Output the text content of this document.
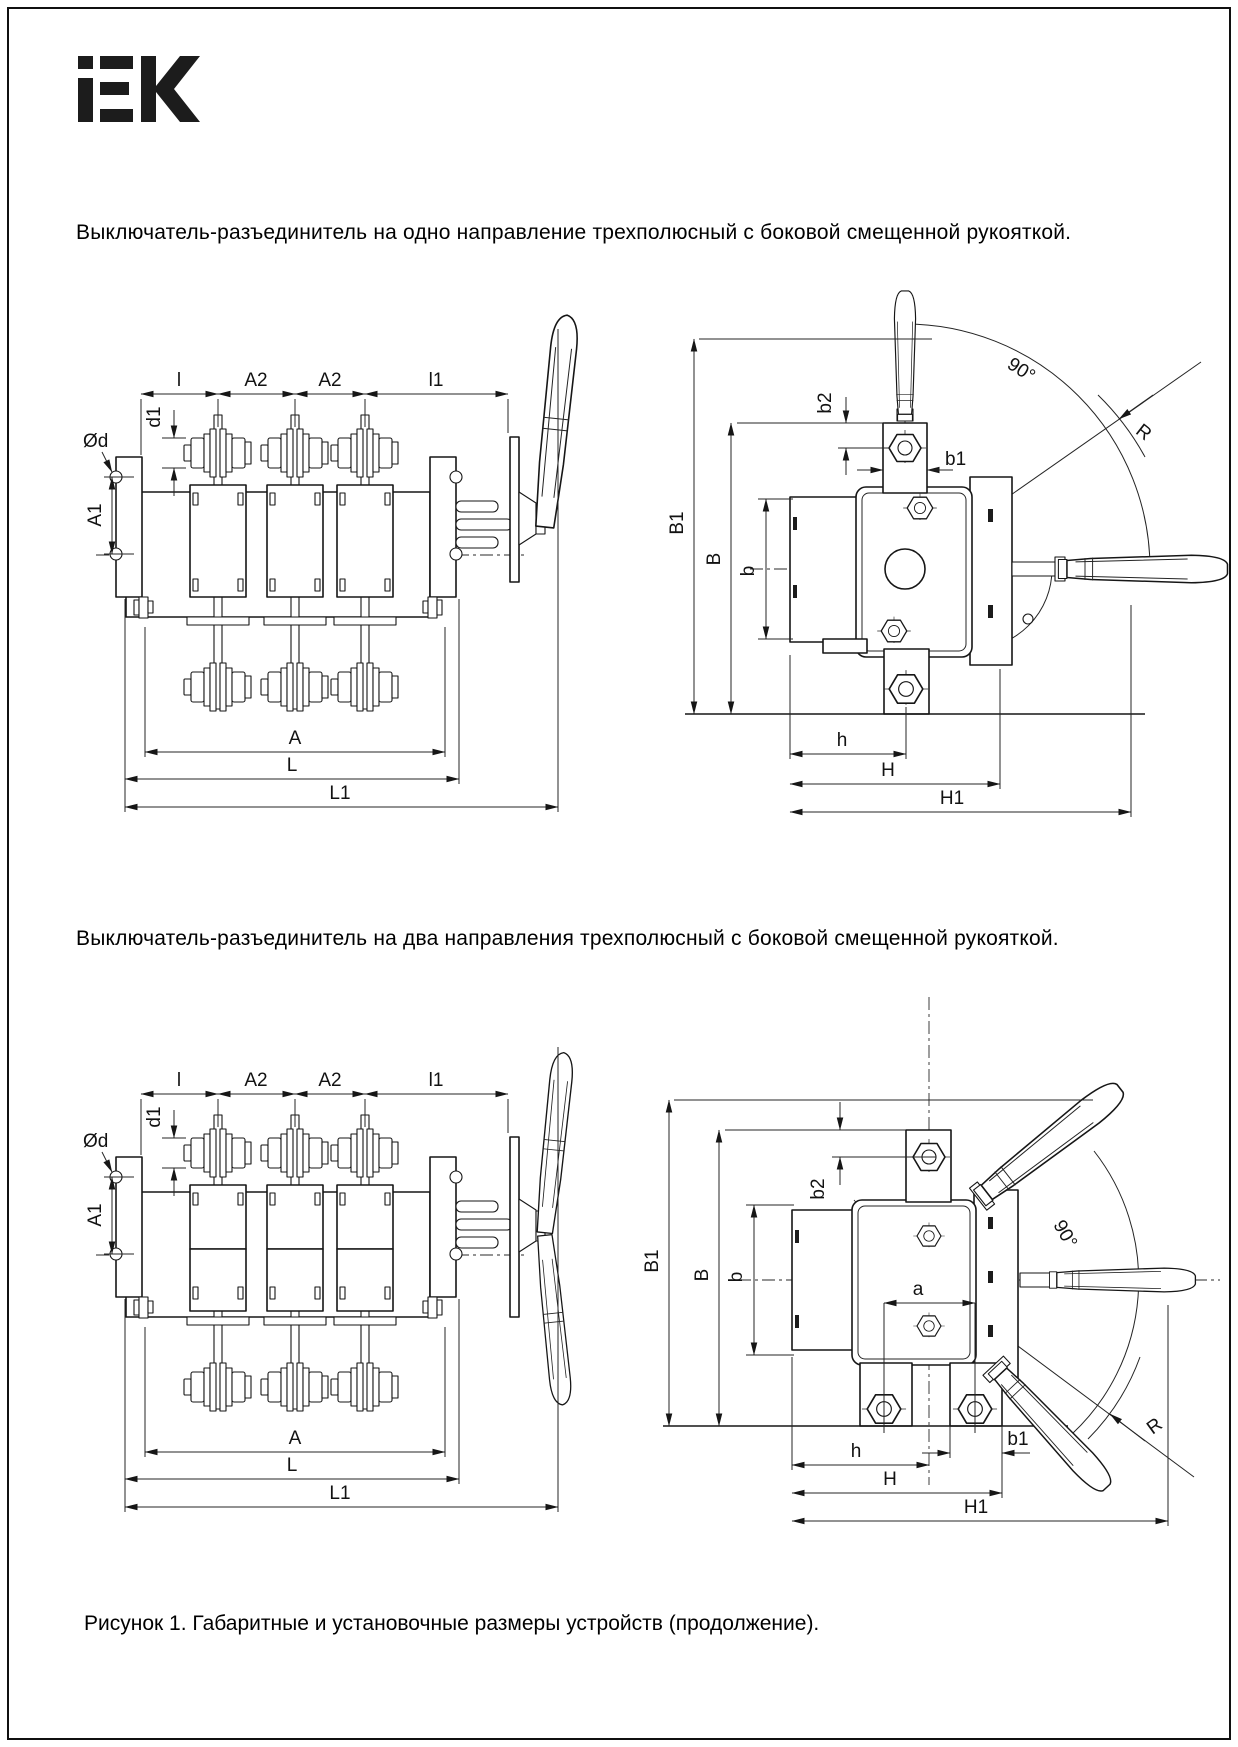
Выключатель-разъединитель на одно направление трехполюсный с боковой смещенной рукояткой.
l	A2	A2	l1
d1
Ød
A1
A
L
L1
B1
B
b
b2
b1
90°
R
h
H
H1
Выключатель-разъединитель на два направления трехполюсный с боковой смещенной рукояткой.
l	A2	A2	l1
d1
Ød
A1
A
L
L1
B1
B b
b2
a
b1
90°
R
h
H
H1
Рисунок 1. Габаритные и установочные размеры устройств (продолжение).
